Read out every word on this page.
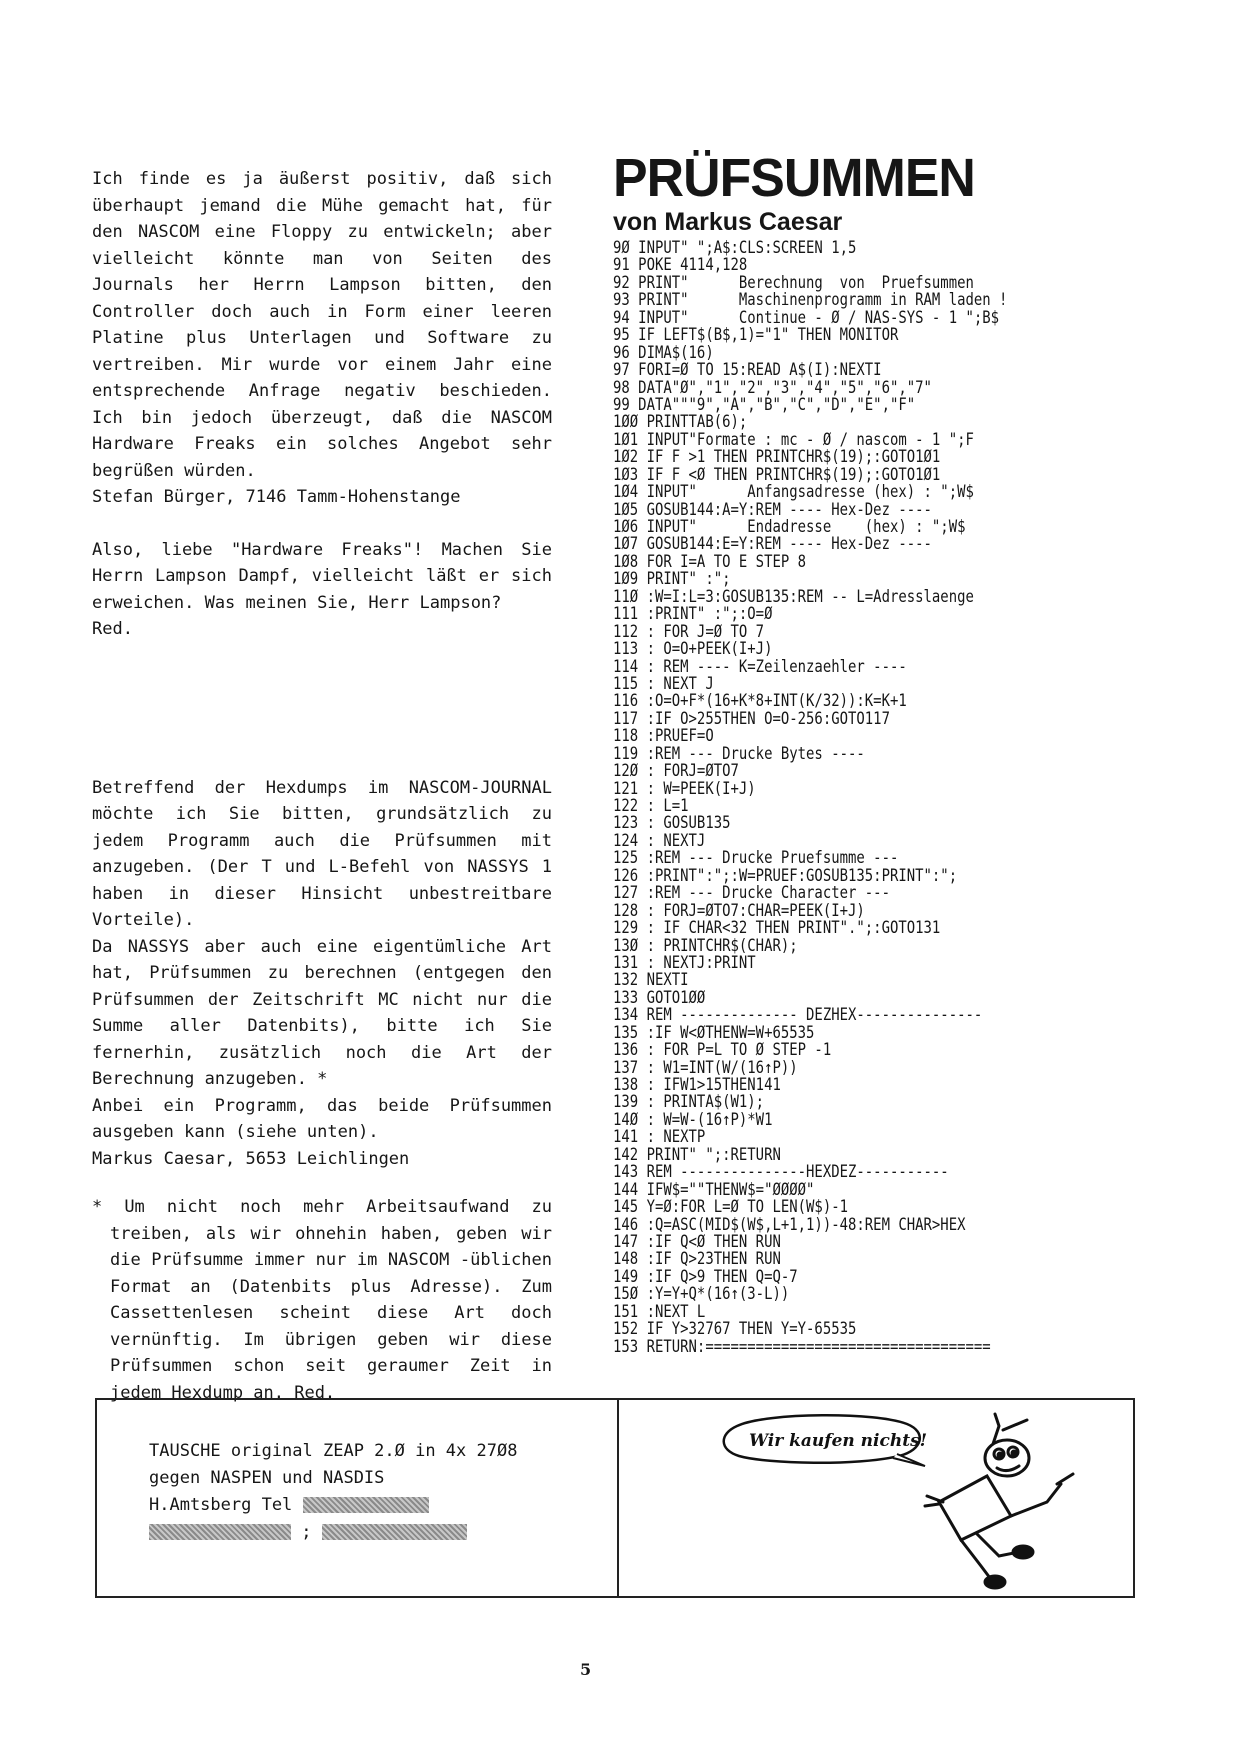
Ich finde es ja äußerst positiv, daß sich überhaupt jemand die Mühe gemacht hat, für den NASCOM eine Floppy zu entwickeln; aber vielleicht könnte man von Seiten des Journals her Herrn Lampson bitten, den Controller doch auch in Form einer leeren Platine plus Unterlagen und Software zu vertreiben. Mir wurde vor einem Jahr eine entsprechende Anfrage negativ beschieden. Ich bin jedoch überzeugt, daß die NASCOM Hardware Freaks ein solches Angebot sehr begrüßen würden.

Stefan Bürger, 7146 Tamm-Hohenstange

Also, liebe "Hardware Freaks"! Machen Sie Herrn Lampson Dampf, vielleicht läßt er sich erweichen. Was meinen Sie, Herr Lampson?

Red.

Betreffend der Hexdumps im NASCOM-JOURNAL möchte ich Sie bitten, grundsätzlich zu jedem Programm auch die Prüfsummen mit anzugeben. (Der T und L-Befehl von NASSYS 1 haben in dieser Hinsicht unbestreitbare Vorteile).

Da NASSYS aber auch eine eigentümliche Art hat, Prüfsummen zu berechnen (entgegen den Prüfsummen der Zeitschrift MC nicht nur die Summe aller Datenbits), bitte ich Sie fernerhin, zusätzlich noch die Art der Berechnung anzugeben. *

Anbei ein Programm, das beide Prüfsummen ausgeben kann (siehe unten).

Markus Caesar, 5653 Leichlingen

* Um nicht noch mehr Arbeitsaufwand zu treiben, als wir ohnehin haben, geben wir die Prüfsumme immer nur im NASCOM -üblichen Format an (Datenbits plus Adresse). Zum Cassettenlesen scheint diese Art doch vernünftig. Im übrigen geben wir diese Prüfsummen schon seit geraumer Zeit in jedem Hexdump an. Red.

PRÜFSUMMEN
von Markus Caesar
9Ø INPUT" ";A$:CLS:SCREEN 1,5
91 POKE 4114,128
92 PRINT"      Berechnung  von  Pruefsummen
93 PRINT"      Maschinenprogramm in RAM laden !
94 INPUT"      Continue - Ø / NAS-SYS - 1 ";B$
95 IF LEFT$(B$,1)="1" THEN MONITOR
96 DIMA$(16)
97 FORI=Ø TO 15:READ A$(I):NEXTI
98 DATA"Ø","1","2","3","4","5","6","7"
99 DATA"""9","A","B","C","D","E","F"
1ØØ PRINTTAB(6);
1Ø1 INPUT"Formate : mc - Ø / nascom - 1 ";F
1Ø2 IF F >1 THEN PRINTCHR$(19);:GOTO1Ø1
1Ø3 IF F <Ø THEN PRINTCHR$(19);:GOTO1Ø1
1Ø4 INPUT"      Anfangsadresse (hex) : ";W$
1Ø5 GOSUB144:A=Y:REM ---- Hex-Dez ----
1Ø6 INPUT"      Endadresse    (hex) : ";W$
1Ø7 GOSUB144:E=Y:REM ---- Hex-Dez ----
1Ø8 FOR I=A TO E STEP 8
1Ø9 PRINT" :";
11Ø :W=I:L=3:GOSUB135:REM -- L=Adresslaenge
111 :PRINT" :";:O=Ø
112 : FOR J=Ø TO 7
113 : O=O+PEEK(I+J)
114 : REM ---- K=Zeilenzaehler ----
115 : NEXT J
116 :O=O+F*(16+K*8+INT(K/32)):K=K+1
117 :IF O>255THEN O=O-256:GOTO117
118 :PRUEF=O
119 :REM --- Drucke Bytes ----
12Ø : FORJ=ØTO7
121 : W=PEEK(I+J)
122 : L=1
123 : GOSUB135
124 : NEXTJ
125 :REM --- Drucke Pruefsumme ---
126 :PRINT":";:W=PRUEF:GOSUB135:PRINT":";
127 :REM --- Drucke Character ---
128 : FORJ=ØTO7:CHAR=PEEK(I+J)
129 : IF CHAR<32 THEN PRINT".";:GOTO131
13Ø : PRINTCHR$(CHAR);
131 : NEXTJ:PRINT
132 NEXTI
133 GOTO1ØØ
134 REM -------------- DEZHEX---------------
135 :IF W<ØTHENW=W+65535
136 : FOR P=L TO Ø STEP -1
137 : W1=INT(W/(16↑P))
138 : IFW1>15THEN141
139 : PRINTA$(W1);
14Ø : W=W-(16↑P)*W1
141 : NEXTP
142 PRINT" ";:RETURN
143 REM ---------------HEXDEZ-----------
144 IFW$=""THENW$="ØØØØ"
145 Y=Ø:FOR L=Ø TO LEN(W$)-1
146 :Q=ASC(MID$(W$,L+1,1))-48:REM CHAR>HEX
147 :IF Q<Ø THEN RUN
148 :IF Q>23THEN RUN
149 :IF Q>9 THEN Q=Q-7
15Ø :Y=Y+Q*(16↑(3-L))
151 :NEXT L
152 IF Y>32767 THEN Y=Y-65535
153 RETURN:==================================
TAUSCHE original ZEAP 2.Ø in 4x 27Ø8
gegen NASPEN und NASDIS
H.Amtsberg Tel
;
Wir kaufen nichts!
5
